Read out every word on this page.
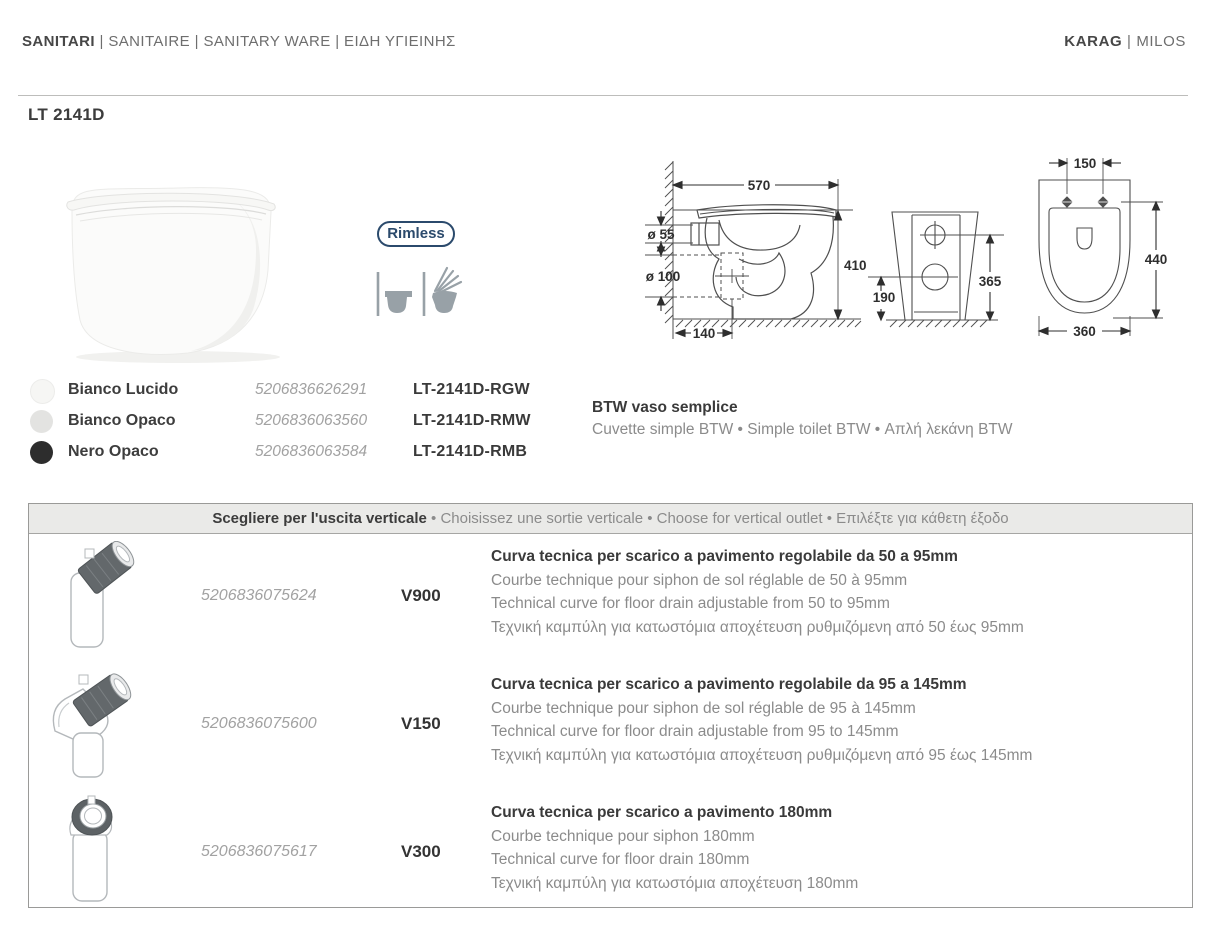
SANITARI | SANITAIRE | SANITARY WARE | ΕΙΔΗ ΥΓΙΕΙΝΗΣ	KARAG | MILOS
LT 2141D
Rimless
570
ø 55
ø 100
410
140
190
365
150
440
360
Bianco Lucido	5206836626291	LT-2141D-RGW
Bianco Opaco	5206836063560	LT-2141D-RMW
Nero Opaco	5206836063584	LT-2141D-RMB
BTW vaso semplice
Cuvette simple BTW • Simple toilet BTW • Απλή λεκάνη BTW
Scegliere per l'uscita verticale • Choisissez une sortie verticale • Choose for vertical outlet • Επιλέξτε για κάθετη έξοδο
5206836075624	V900
Curva tecnica per scarico a pavimento regolabile da 50 a 95mm
Courbe technique pour siphon de sol réglable de 50 à 95mm
Technical curve for floor drain adjustable from 50 to 95mm
Τεχνική καμπύλη για κατωστόμια αποχέτευση ρυθμιζόμενη από 50 έως 95mm
5206836075600	V150
Curva tecnica per scarico a pavimento regolabile da 95 a 145mm
Courbe technique pour siphon de sol réglable de 95 à 145mm
Technical curve for floor drain adjustable from 95 to 145mm
Τεχνική καμπύλη για κατωστόμια αποχέτευση ρυθμιζόμενη από 95 έως 145mm
5206836075617	V300
Curva tecnica per scarico a pavimento 180mm
Courbe technique pour siphon 180mm
Technical curve for floor drain 180mm
Τεχνική καμπύλη για κατωστόμια αποχέτευση 180mm
